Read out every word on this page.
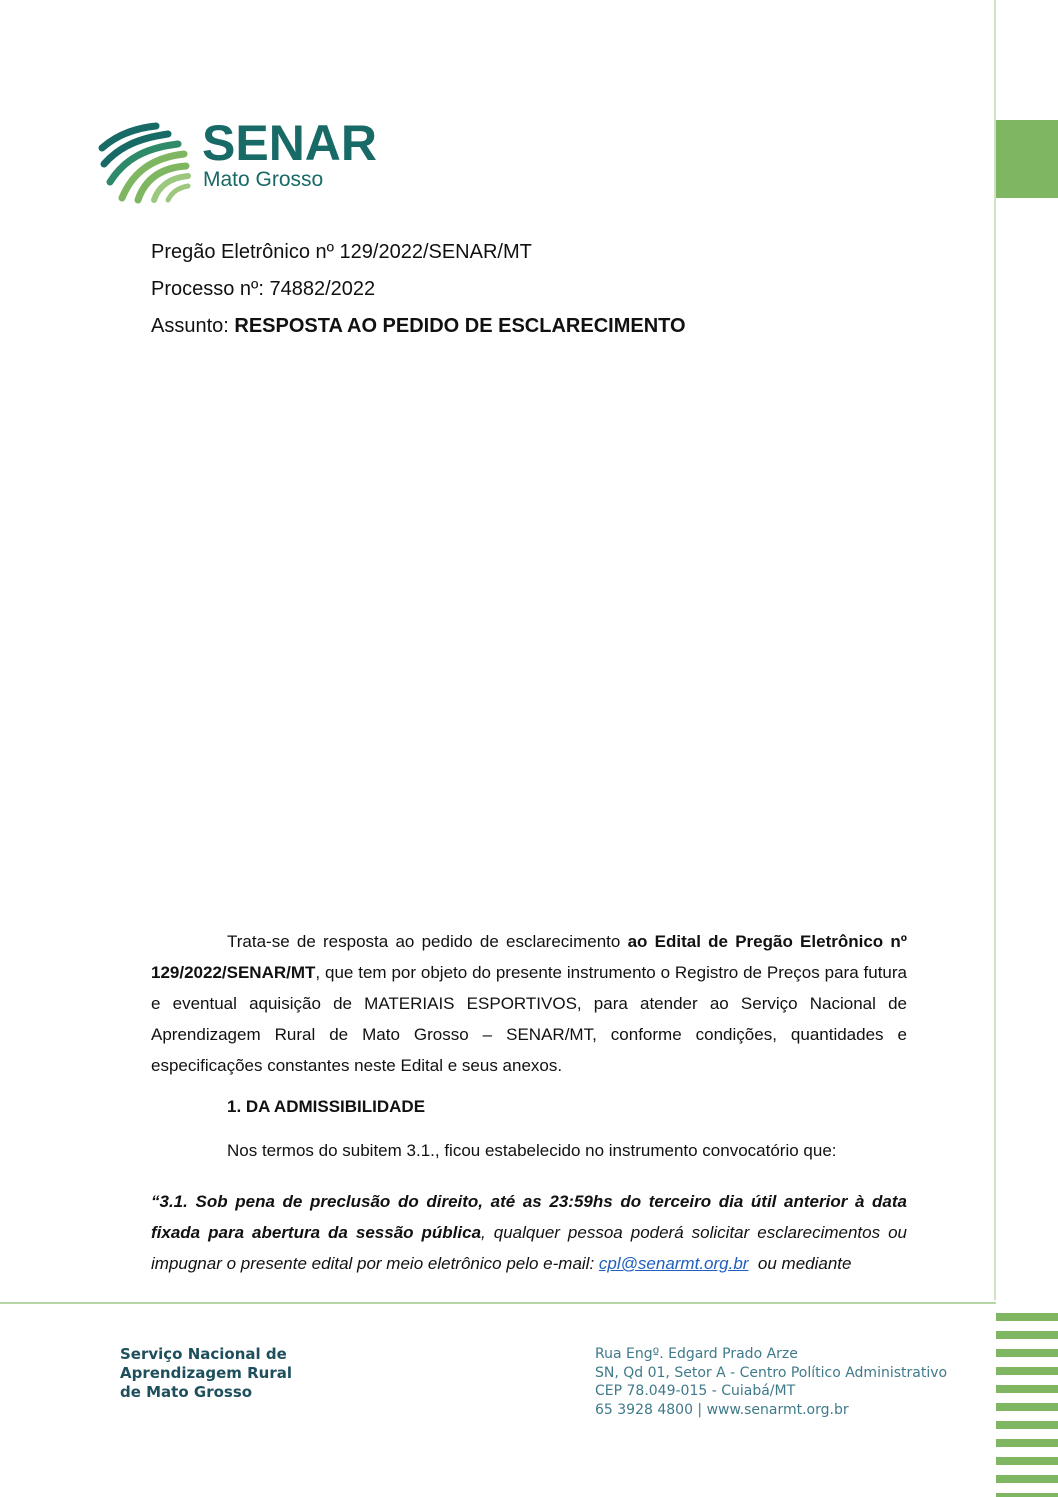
SENAR
Mato Grosso
Pregão Eletrônico nº 129/2022/SENAR/MT
Processo nº: 74882/2022
Assunto: RESPOSTA AO PEDIDO DE ESCLARECIMENTO

Trata-se de resposta ao pedido de esclarecimento ao Edital de Pregão Eletrônico nº 129/2022/SENAR/MT, que tem por objeto do presente instrumento o Registro de Preços para futura e eventual aquisição de MATERIAIS ESPORTIVOS, para atender ao Serviço Nacional de Aprendizagem Rural de Mato Grosso – SENAR/MT, conforme condições, quantidades e especificações constantes neste Edital e seus anexos.

1. DA ADMISSIBILIDADE
Nos termos do subitem 3.1., ficou estabelecido no instrumento convocatório que:
“3.1. Sob pena de preclusão do direito, até as 23:59hs do terceiro dia útil anterior à data fixada para abertura da sessão pública, qualquer pessoa poderá solicitar esclarecimentos ou impugnar o presente edital por meio eletrônico pelo e-mail: cpl@senarmt.org.br  ou mediante
Serviço Nacional de
Aprendizagem Rural
de Mato Grosso
Rua Engº. Edgard Prado Arze
SN, Qd 01, Setor A - Centro Político Administrativo
CEP 78.049-015 - Cuiabá/MT
65 3928 4800 | www.senarmt.org.br
